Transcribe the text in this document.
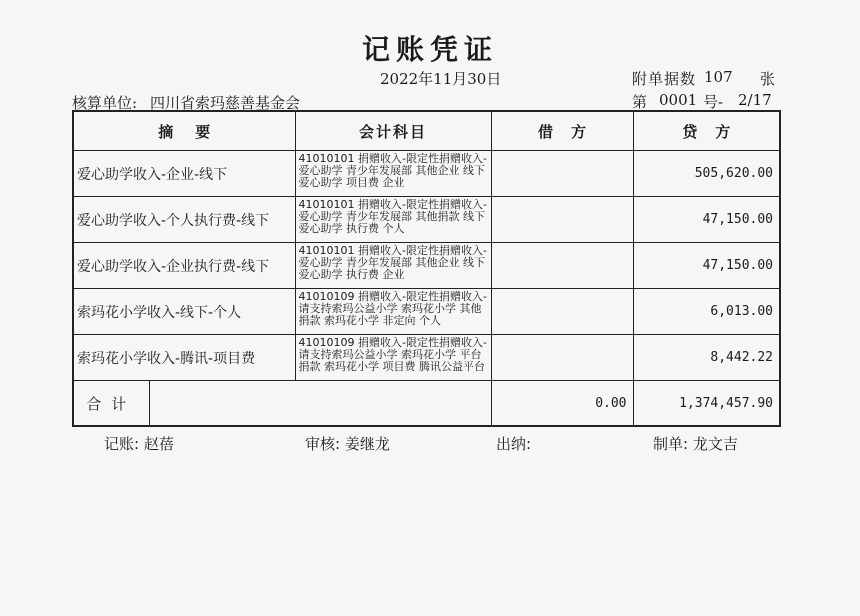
记账凭证
2022年11月30日	附单据数 107 张
核算单位: 四川省索玛慈善基金会	第 0001 号- 2/17
摘要		会计科目	借方	贷方
爱心助学收入-企业-线下		41010101 捐赠收入-限定性捐赠收入-爱心助学 青少年发展部 其他企业 线下爱心助学 项目费 企业		505,620.00
爱心助学收入-个人执行费-线下		41010101 捐赠收入-限定性捐赠收入-爱心助学 青少年发展部 其他捐款 线下爱心助学 执行费 个人		47,150.00
爱心助学收入-企业执行费-线下		41010101 捐赠收入-限定性捐赠收入-爱心助学 青少年发展部 其他企业 线下爱心助学 执行费 企业		47,150.00
索玛花小学收入-线下-个人		41010109 捐赠收入-限定性捐赠收入-请支持索玛公益小学 索玛花小学 其他捐款 索玛花小学 非定向 个人		6,013.00
索玛花小学收入-腾讯-项目费		41010109 捐赠收入-限定性捐赠收入-请支持索玛公益小学 索玛花小学 平台捐款 索玛花小学 项目费 腾讯公益平台		8,442.22
合计			0.00	1,374,457.90
记账: 赵蓓	审核: 姜继龙	出纳:	制单: 龙文吉
